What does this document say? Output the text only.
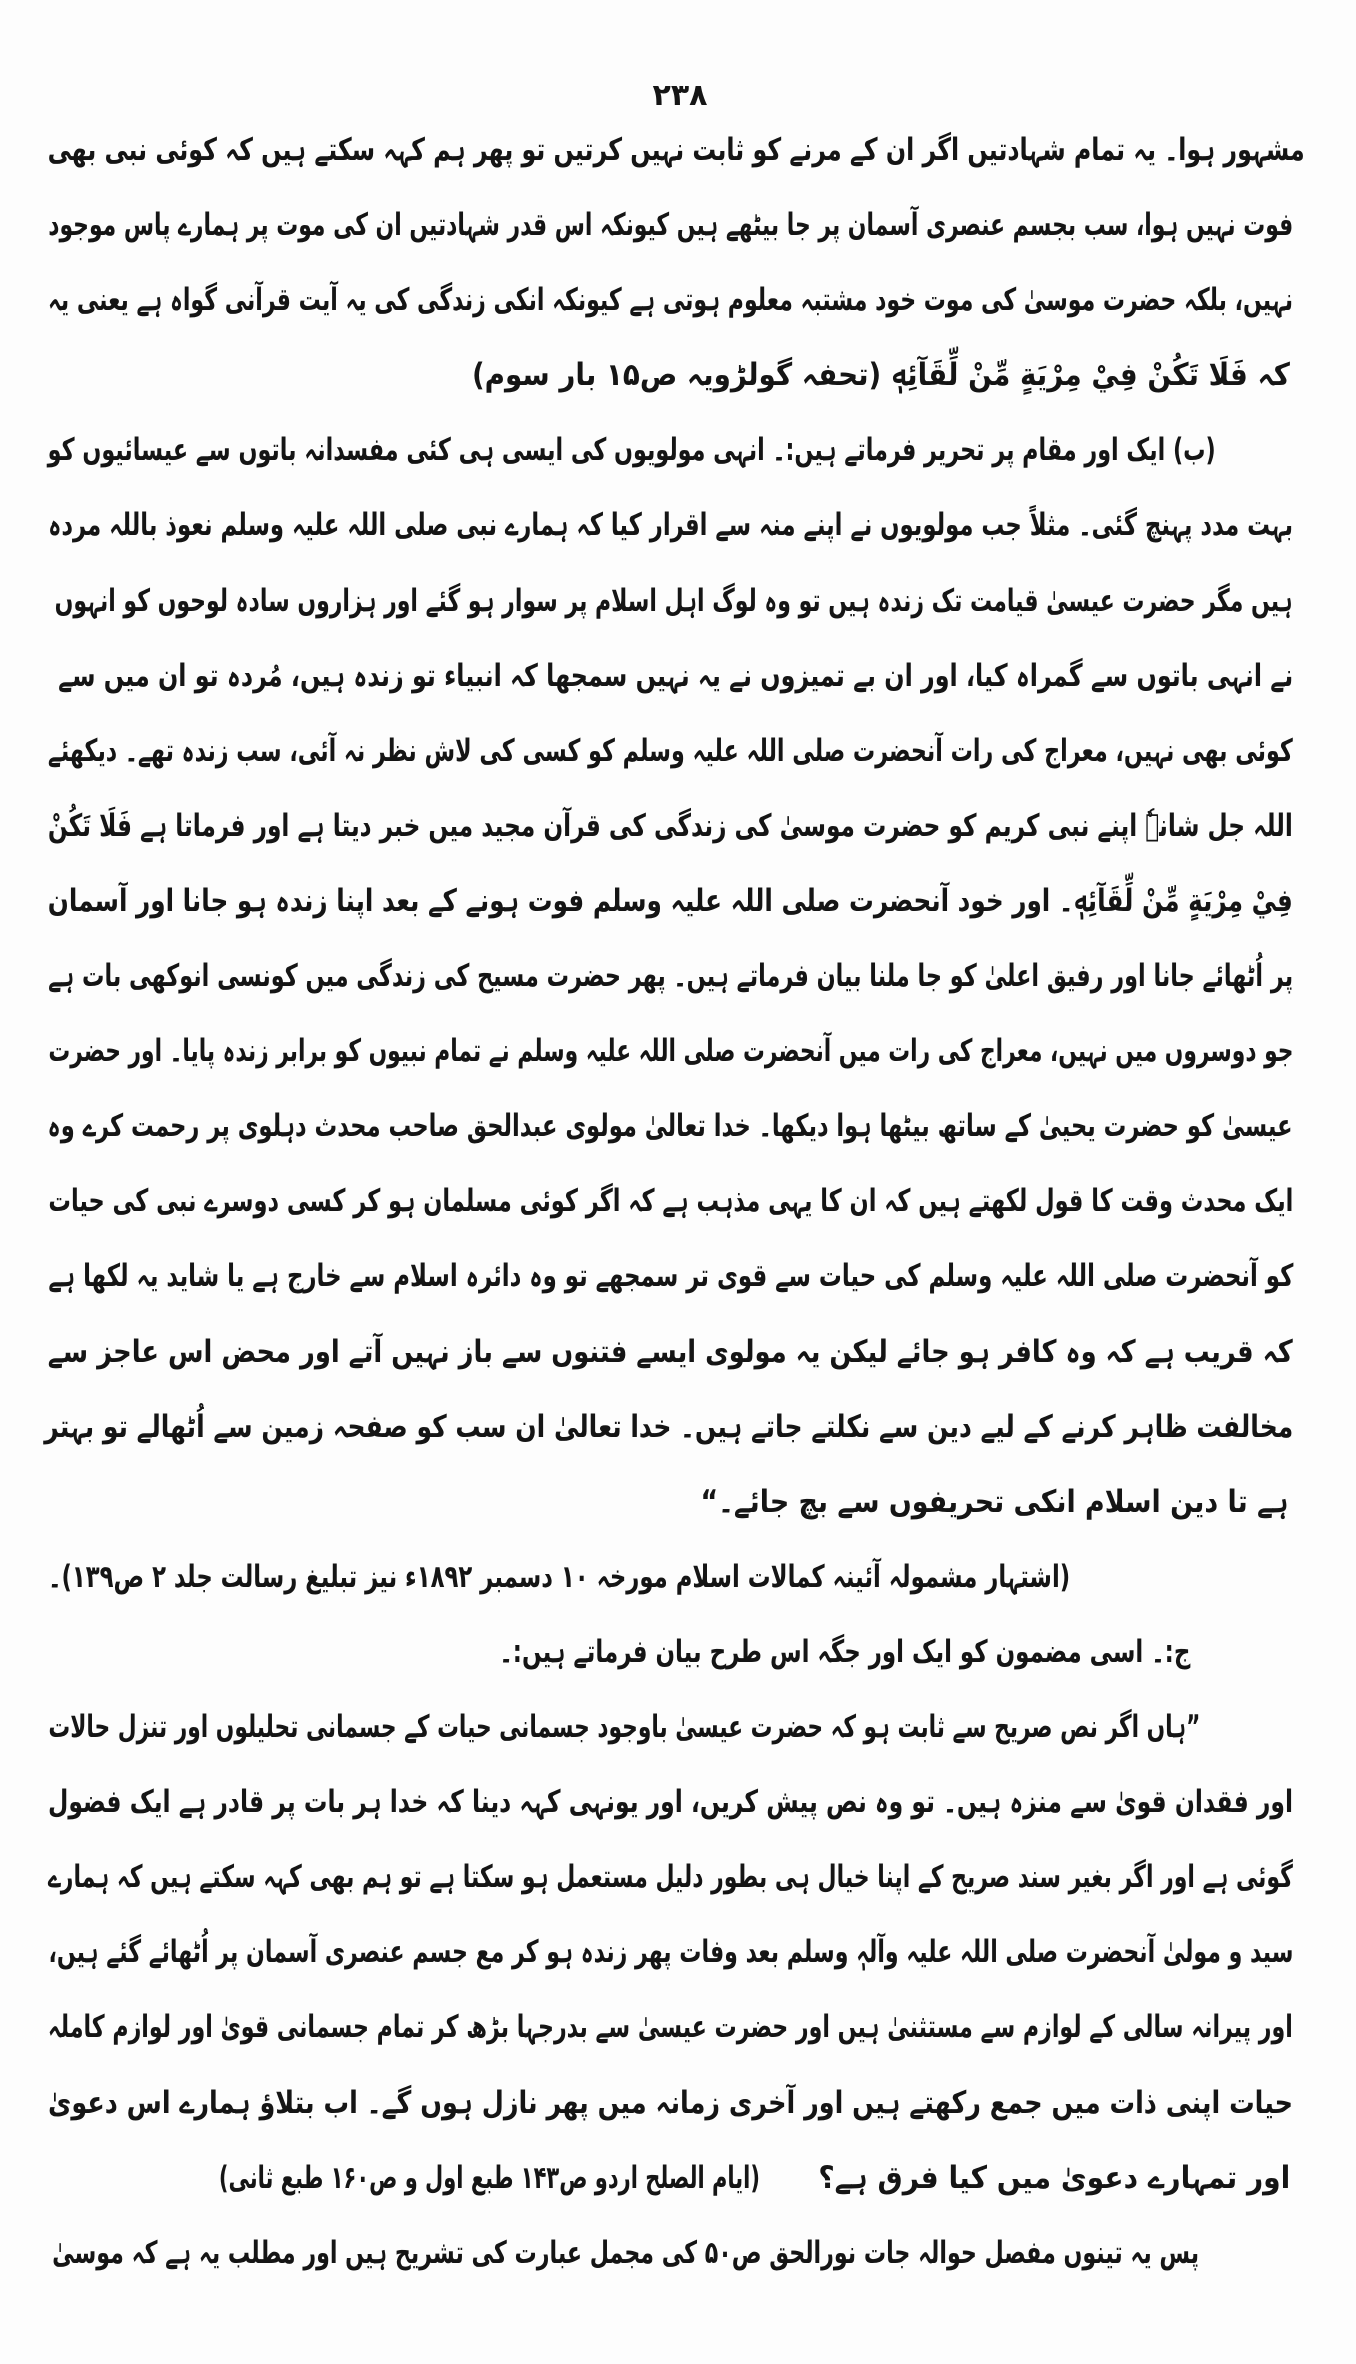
۲۳۸
مشہور ہوا۔ یہ تمام شہادتیں اگر ان کے مرنے کو ثابت نہیں کرتیں تو پھر ہم کہہ سکتے ہیں کہ کوئی نبی بھی
فوت نہیں ہوا، سب بجسم عنصری آسمان پر جا بیٹھے ہیں کیونکہ اس قدر شہادتیں ان کی موت پر ہمارے پاس موجود
نہیں، بلکہ حضرت موسیٰ کی موت خود مشتبہ معلوم ہوتی ہے کیونکہ انکی زندگی کی یہ آیت قرآنی گواہ ہے یعنی یہ
کہ فَلَا تَكُنْ فِيْ مِرْيَةٍ مِّنْ لِّقَآئِهٖ (تحفہ گولڑویہ ص۱۵ بار سوم)
(ب) ایک اور مقام پر تحریر فرماتے ہیں:۔ انہی مولویوں کی ایسی ہی کئی مفسدانہ باتوں سے عیسائیوں کو
بہت مدد پہنچ گئی۔ مثلاً جب مولویوں نے اپنے منہ سے اقرار کیا کہ ہمارے نبی صلی اللہ علیہ وسلم نعوذ باللہ مردہ
ہیں مگر حضرت عیسیٰ قیامت تک زندہ ہیں تو وہ لوگ اہل اسلام پر سوار ہو گئے اور ہزاروں سادہ لوحوں کو انہوں
نے انہی باتوں سے گمراہ کیا، اور ان بے تمیزوں نے یہ نہیں سمجھا کہ انبیاء تو زندہ ہیں، مُردہ تو ان میں سے
کوئی بھی نہیں، معراج کی رات آنحضرت صلی اللہ علیہ وسلم کو کسی کی لاش نظر نہ آئی، سب زندہ تھے۔ دیکھئے
اللہ جل شانہٗ اپنے نبی کریم کو حضرت موسیٰ کی زندگی کی قرآن مجید میں خبر دیتا ہے اور فرماتا ہے فَلَا تَكُنْ
فِيْ مِرْيَةٍ مِّنْ لِّقَآئِهٖ۔ اور خود آنحضرت صلی اللہ علیہ وسلم فوت ہونے کے بعد اپنا زندہ ہو جانا اور آسمان
پر اُٹھائے جانا اور رفیق اعلیٰ کو جا ملنا بیان فرماتے ہیں۔ پھر حضرت مسیح کی زندگی میں کونسی انوکھی بات ہے
جو دوسروں میں نہیں، معراج کی رات میں آنحضرت صلی اللہ علیہ وسلم نے تمام نبیوں کو برابر زندہ پایا۔ اور حضرت
عیسیٰ کو حضرت یحییٰ کے ساتھ بیٹھا ہوا دیکھا۔ خدا تعالیٰ مولوی عبدالحق صاحب محدث دہلوی پر رحمت کرے وہ
ایک محدث وقت کا قول لکھتے ہیں کہ ان کا یہی مذہب ہے کہ اگر کوئی مسلمان ہو کر کسی دوسرے نبی کی حیات
کو آنحضرت صلی اللہ علیہ وسلم کی حیات سے قوی تر سمجھے تو وہ دائرہ اسلام سے خارج ہے یا شاید یہ لکھا ہے
کہ قریب ہے کہ وہ کافر ہو جائے لیکن یہ مولوی ایسے فتنوں سے باز نہیں آتے اور محض اس عاجز سے
مخالفت ظاہر کرنے کے لیے دین سے نکلتے جاتے ہیں۔ خدا تعالیٰ ان سب کو صفحہ زمین سے اُٹھالے تو بہتر
ہے تا دین اسلام انکی تحریفوں سے بچ جائے۔“
(اشتہار مشمولہ آئینہ کمالات اسلام مورخہ ۱۰ دسمبر ۱۸۹۲ء نیز تبلیغ رسالت جلد ۲ ص۱۳۹)۔
ج:۔ اسی مضمون کو ایک اور جگہ اس طرح بیان فرماتے ہیں:۔
”ہاں اگر نص صریح سے ثابت ہو کہ حضرت عیسیٰ باوجود جسمانی حیات کے جسمانی تحلیلوں اور تنزل حالات
اور فقدان قویٰ سے منزہ ہیں۔ تو وہ نص پیش کریں، اور یونہی کہہ دینا کہ خدا ہر بات پر قادر ہے ایک فضول
گوئی ہے اور اگر بغیر سند صریح کے اپنا خیال ہی بطور دلیل مستعمل ہو سکتا ہے تو ہم بھی کہہ سکتے ہیں کہ ہمارے
سید و مولیٰ آنحضرت صلی اللہ علیہ وآلہٖ وسلم بعد وفات پھر زندہ ہو کر مع جسم عنصری آسمان پر اُٹھائے گئے ہیں،
اور پیرانہ سالی کے لوازم سے مستثنیٰ ہیں اور حضرت عیسیٰ سے بدرجہا بڑھ کر تمام جسمانی قویٰ اور لوازم کاملہ
حیات اپنی ذات میں جمع رکھتے ہیں اور آخری زمانہ میں پھر نازل ہوں گے۔ اب بتلاؤ ہمارے اس دعویٰ
اور تمہارے دعویٰ میں کیا فرق ہے؟
(ایام الصلح اردو ص۱۴۳ طبع اول و ص۱۶۰ طبع ثانی)
پس یہ تینوں مفصل حوالہ جات نورالحق ص۵۰ کی مجمل عبارت کی تشریح ہیں اور مطلب یہ ہے کہ موسیٰ
